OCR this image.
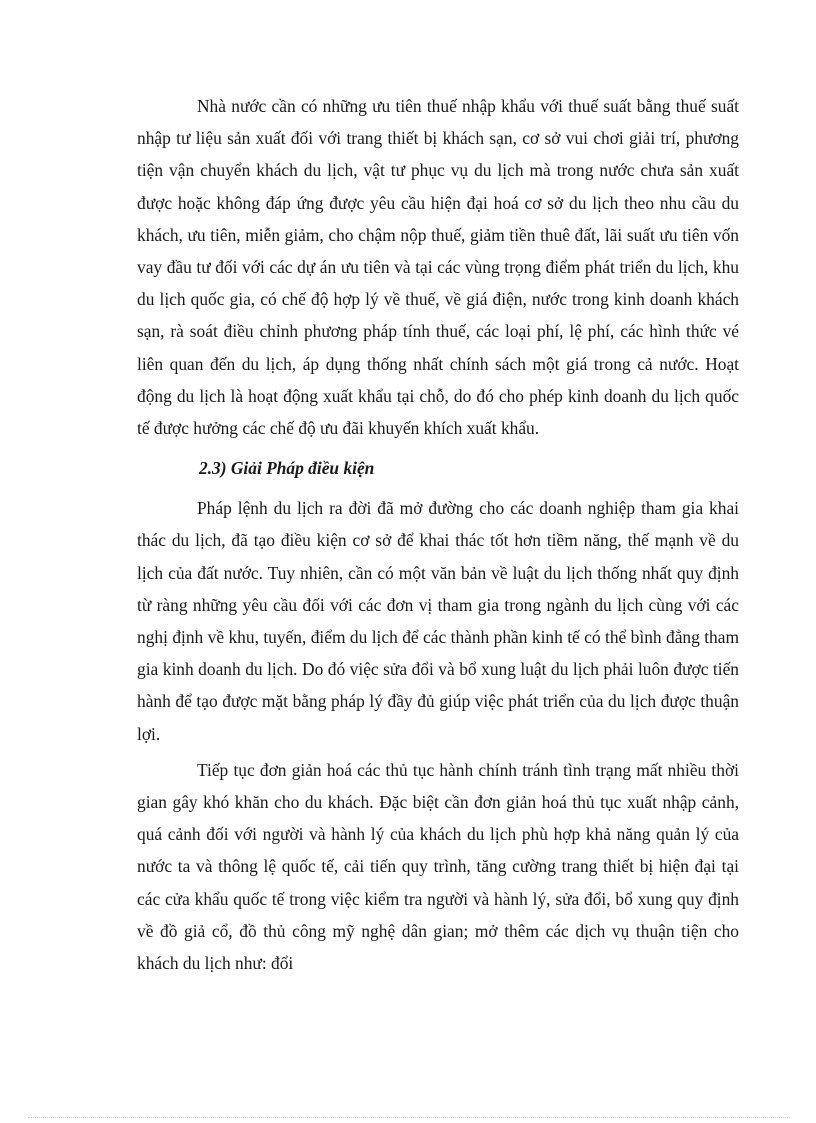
Nhà nước cần có những ưu tiên thuế nhập khẩu với thuế suất bằng thuế suất nhập tư liệu sản xuất đối với trang thiết bị khách sạn, cơ sở vui chơi giải trí, phương tiện vận chuyển khách du lịch, vật tư phục vụ du lịch mà trong nước chưa sản xuất được hoặc không đáp ứng được yêu cầu hiện đại hoá cơ sở du lịch theo nhu cầu du khách, ưu tiên, miễn giảm, cho chậm nộp thuế, giảm tiền thuê đất, lãi suất ưu tiên vốn vay đầu tư đối với các dự án ưu tiên và tại các vùng trọng điểm phát triển du lịch, khu du lịch quốc gia, có chế độ hợp lý về thuế, về giá điện, nước trong kinh doanh khách sạn, rà soát điều chỉnh phương pháp tính thuế, các loại phí, lệ phí, các hình thức vé liên quan đến du lịch, áp dụng thống nhất chính sách một giá trong cả nước. Hoạt động du lịch là hoạt động xuất khẩu tại chỗ, do đó cho phép kinh doanh du lịch quốc tế được hưởng các chế độ ưu đãi khuyến khích xuất khẩu.

2.3) Giải Pháp điều kiện

Pháp lệnh du lịch ra đời đã mở đường cho các doanh nghiệp tham gia khai thác du lịch, đã tạo điều kiện cơ sở để khai thác tốt hơn tiềm năng, thế mạnh về du lịch của đất nước. Tuy nhiên, cần có một văn bản về luật du lịch thống nhất quy định từ ràng những yêu cầu đối với các đơn vị tham gia trong ngành du lịch cùng với các nghị định về khu, tuyến, điểm du lịch để các thành phần kinh tế có thể bình đẳng tham gia kinh doanh du lịch. Do đó việc sửa đổi và bổ xung luật du lịch phải luôn được tiến hành để tạo được mặt bằng pháp lý đầy đủ giúp việc phát triển của du lịch được thuận lợi.

Tiếp tục đơn giản hoá các thủ tục hành chính tránh tình trạng mất nhiều thời gian gây khó khăn cho du khách. Đặc biệt cần đơn giản hoá thủ tục xuất nhập cảnh, quá cảnh đối với người và hành lý của khách du lịch phù hợp khả năng quản lý của nước ta và thông lệ quốc tế, cải tiến quy trình, tăng cường trang thiết bị hiện đại tại các cửa khẩu quốc tế trong việc kiểm tra người và hành lý, sửa đổi, bổ xung quy định về đồ giả cổ, đồ thủ công mỹ nghệ dân gian; mở thêm các dịch vụ thuận tiện cho khách du lịch như: đổi
